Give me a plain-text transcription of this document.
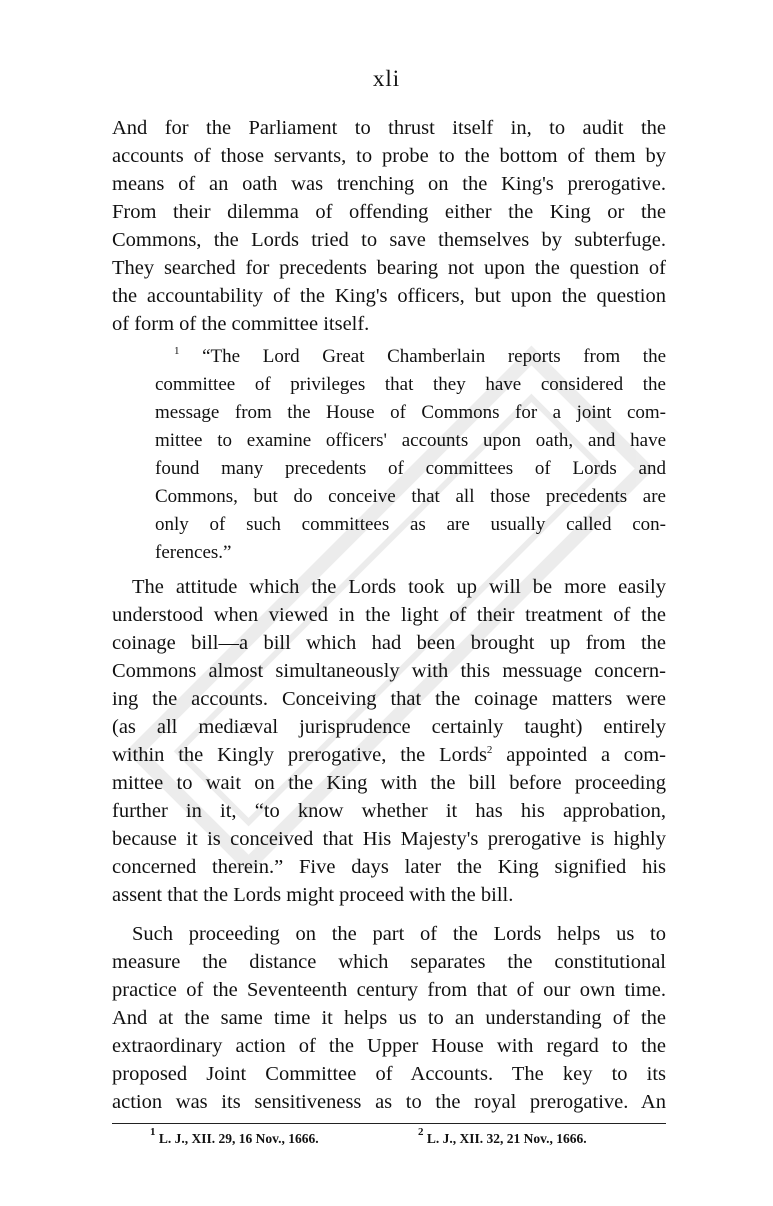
xli
And for the Parliament to thrust itself in, to audit the
accounts of those servants, to probe to the bottom of them by
means of an oath was trenching on the King's prerogative.
From their dilemma of offending either the King or the
Commons, the Lords tried to save themselves by subterfuge.
They searched for precedents bearing not upon the question of
the accountability of the King's officers, but upon the question
of form of the committee itself.
$^1$ “The Lord Great Chamberlain reports from the
committee of privileges that they have considered the
message from the House of Commons for a joint com-
mittee to examine officers' accounts upon oath, and have
found many precedents of committees of Lords and
Commons, but do conceive that all those precedents are
only of such committees as are usually called con-
ferences.”
The attitude which the Lords took up will be more easily
understood when viewed in the light of their treatment of the
coinage bill—a bill which had been brought up from the
Commons almost simultaneously with this messuage concern-
ing the accounts. Conceiving that the coinage matters were
(as all mediæval jurisprudence certainly taught) entirely
within the Kingly prerogative, the Lords$^2$ appointed a com-
mittee to wait on the King with the bill before proceeding
further in it, “to know whether it has his approbation,
because it is conceived that His Majesty's prerogative is highly
concerned therein.” Five days later the King signified his
assent that the Lords might proceed with the bill.
Such proceeding on the part of the Lords helps us to
measure the distance which separates the constitutional
practice of the Seventeenth century from that of our own time.
And at the same time it helps us to an understanding of the
extraordinary action of the Upper House with regard to the
proposed Joint Committee of Accounts. The key to its
action was its sensitiveness as to the royal prerogative. An
$^1$ L. J., XII. 29, 16 Nov., 1666.	$^2$ L. J., XII. 32, 21 Nov., 1666.
